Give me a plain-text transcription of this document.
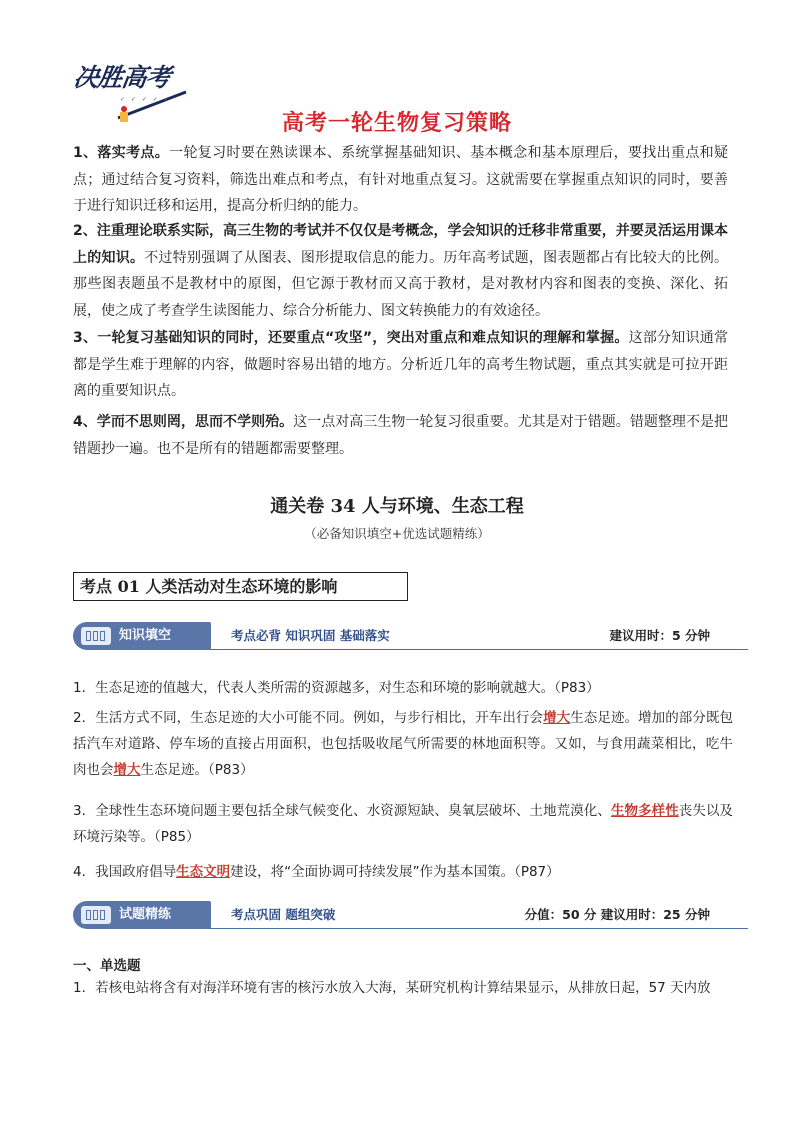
决胜高考
✓ ✓ ✓ ✓ ✓
高考一轮生物复习策略
1、落实考点。一轮复习时要在熟读课本、系统掌握基础知识、基本概念和基本原理后，要找出重点和疑点；通过结合复习资料，筛选出难点和考点，有针对地重点复习。这就需要在掌握重点知识的同时，要善于进行知识迁移和运用，提高分析归纳的能力。
2、注重理论联系实际，高三生物的考试并不仅仅是考概念，学会知识的迁移非常重要，并要灵活运用课本上的知识。不过特别强调了从图表、图形提取信息的能力。历年高考试题，图表题都占有比较大的比例。那些图表题虽不是教材中的原图，但它源于教材而又高于教材，是对教材内容和图表的变换、深化、拓展，使之成了考查学生读图能力、综合分析能力、图文转换能力的有效途径。
3、一轮复习基础知识的同时，还要重点“攻坚”，突出对重点和难点知识的理解和掌握。这部分知识通常都是学生难于理解的内容，做题时容易出错的地方。分析近几年的高考生物试题，重点其实就是可拉开距离的重要知识点。
4、学而不思则罔，思而不学则殆。这一点对高三生物一轮复习很重要。尤其是对于错题。错题整理不是把错题抄一遍。也不是所有的错题都需要整理。
通关卷 34 人与环境、生态工程
（必备知识填空+优选试题精练）
考点 01 人类活动对生态环境的影响
知识填空	考点必背 知识巩固 基础落实	建议用时：5 分钟
1．生态足迹的值越大，代表人类所需的资源越多，对生态和环境的影响就越大。（P83）
2．生活方式不同，生态足迹的大小可能不同。例如，与步行相比，开车出行会增大生态足迹。增加的部分既包括汽车对道路、停车场的直接占用面积，也包括吸收尾气所需要的林地面积等。又如，与食用蔬菜相比，吃牛肉也会增大生态足迹。（P83）
3．全球性生态环境问题主要包括全球气候变化、水资源短缺、臭氧层破坏、土地荒漠化、生物多样性丧失以及环境污染等。（P85）
4．我国政府倡导生态文明建设，将“全面协调可持续发展”作为基本国策。（P87）
试题精练	考点巩固 题组突破	分值：50 分 建议用时：25 分钟
一、单选题
1．若核电站将含有对海洋环境有害的核污水放入大海，某研究机构计算结果显示，从排放日起，57 天内放
